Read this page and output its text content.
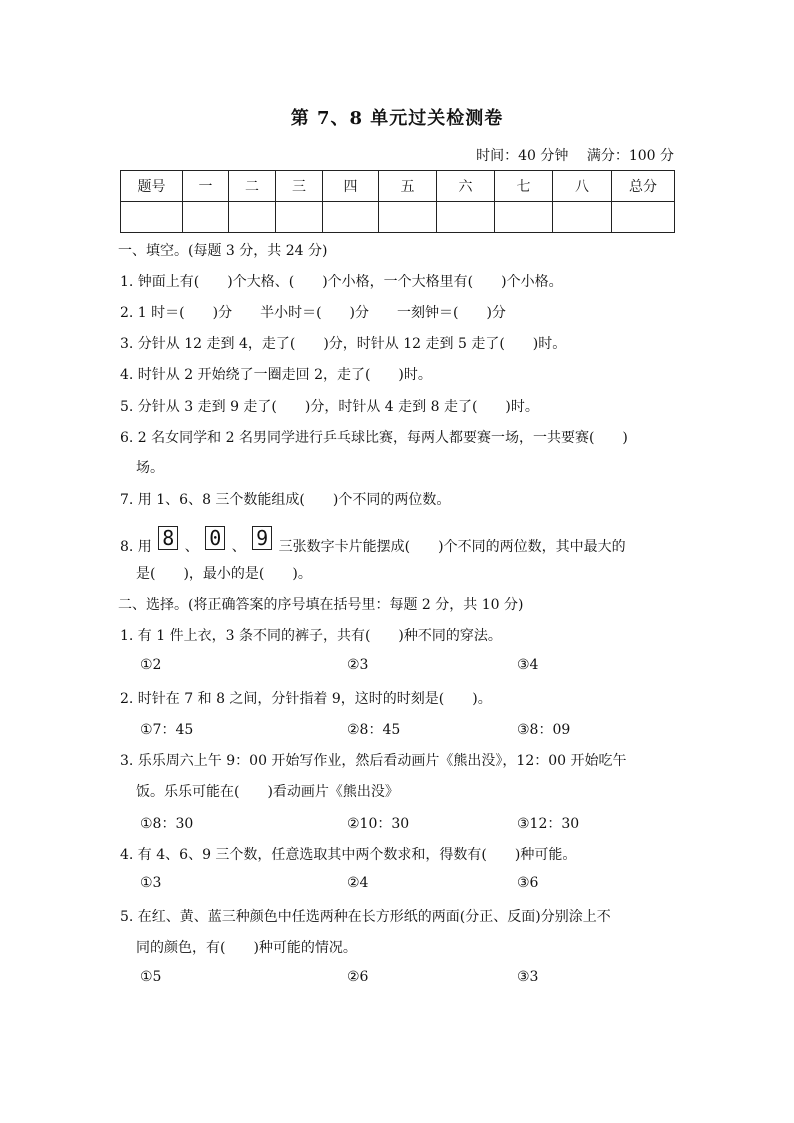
第 7、8 单元过关检测卷
时间：40 分钟 满分：100 分
题号	一	二	三	四	五	六	七	八	总分

一、填空。(每题 3 分，共 24 分)
1. 钟面上有(　　)个大格、(　　)个小格，一个大格里有(　　)个小格。
2. 1 时＝(　　)分　　半小时＝(　　)分　　一刻钟＝(　　)分
3. 分针从 12 走到 4，走了(　　)分，时针从 12 走到 5 走了(　　)时。
4. 时针从 2 开始绕了一圈走回 2，走了(　　)时。
5. 分针从 3 走到 9 走了(　　)分，时针从 4 走到 8 走了(　　)时。
6. 2 名女同学和 2 名男同学进行乒乓球比赛，每两人都要赛一场，一共要赛(　　)
场。
7. 用 1、6、8 三个数能组成(　　)个不同的两位数。
8. 用 8 、 0 、 9 三张数字卡片能摆成(　　)个不同的两位数，其中最大的
是(　　)，最小的是(　　)。
二、选择。(将正确答案的序号填在括号里：每题 2 分，共 10 分)
1. 有 1 件上衣，3 条不同的裤子，共有(　　)种不同的穿法。
①2	②3	③4
2. 时针在 7 和 8 之间，分针指着 9，这时的时刻是(　　)。
①7：45	②8：45	③8：09
3. 乐乐周六上午 9：00 开始写作业，然后看动画片《熊出没》，12：00 开始吃午
饭。乐乐可能在(　　)看动画片《熊出没》
①8：30	②10：30	③12：30
4. 有 4、6、9 三个数，任意选取其中两个数求和，得数有(　　)种可能。
①3	②4	③6
5. 在红、黄、蓝三种颜色中任选两种在长方形纸的两面(分正、反面)分别涂上不
同的颜色，有(　　)种可能的情况。
①5	②6	③3
